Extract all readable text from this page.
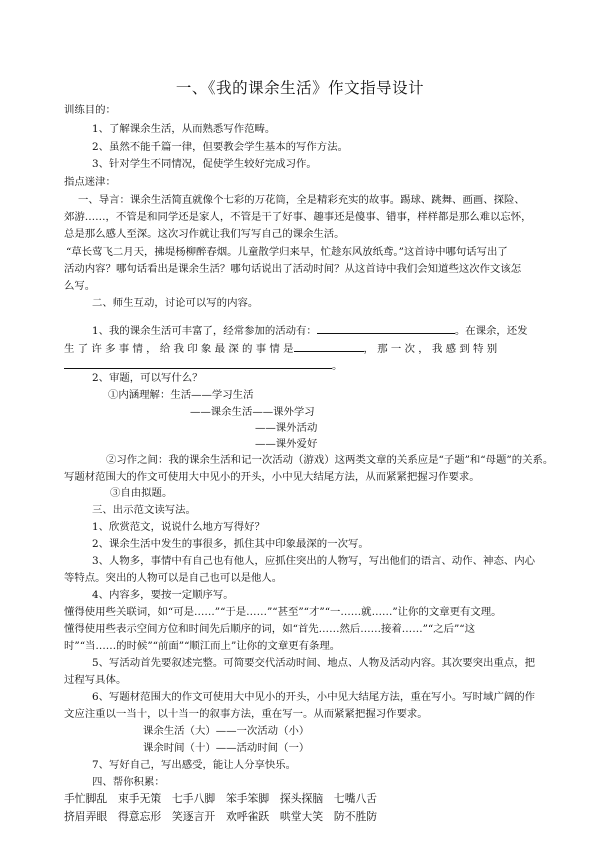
一、《我的课余生活》作文指导设计
训练目的：
1、了解课余生活，从而熟悉写作范畴。
2、虽然不能千篇一律，但要教会学生基本的写作方法。
3、针对学生不同情况，促使学生较好完成习作。
指点迷津：
一、导言：课余生活简直就像个七彩的万花筒，全是精彩充实的故事。踢球、跳舞、画画、探险、
郊游……，不管是和同学还是家人，不管是干了好事、趣事还是傻事、错事，样样都是那么难以忘怀，
总是那么感人至深。这次习作就让我们写写自己的课余生活。
“草长莺飞二月天，拂堤杨柳醉春烟。儿童散学归来早，忙趁东风放纸鸢。”这首诗中哪句话写出了
活动内容？哪句话看出是课余生活？哪句话说出了活动时间？从这首诗中我们会知道些这次作文该怎
么写。
二、师生互动，讨论可以写的内容。
1、我的课余生活可丰富了，经常参加的活动有：	。在课余，还发
生 了 许 多 事 情 ， 给 我 印 象 最 深 的 事 情 是	， 那 一 次 ， 我 感 到 特 别
。
2、审题，可以写什么？
①内涵理解：生活——学习生活
——课余生活——课外学习
——课外活动
——课外爱好
②习作之间：我的课余生活和记一次活动（游戏）这两类文章的关系应是“子题”和“母题”的关系。
写题材范围大的作文可使用大中见小的开头，小中见大结尾方法，从而紧紧把握习作要求。
③自由拟题。
三、出示范文读写法。
1、欣赏范文，说说什么地方写得好？
2、课余生活中发生的事很多，抓住其中印象最深的一次写。
3、人物多，事情中有自己也有他人，应抓住突出的人物写，写出他们的语言、动作、神态、内心
等特点。突出的人物可以是自己也可以是他人。
4、内容多，要按一定顺序写。
懂得使用些关联词，如“可是……”“于是……”“甚至”“才”“一……就……”让你的文章更有文理。
懂得使用些表示空间方位和时间先后顺序的词，如“首先……然后……接着……”“之后”“这
时”“当……的时候”“前面”“顺江而上”让你的文章更有条理。
5、写活动首先要叙述完整。可简要交代活动时间、地点、人物及活动内容。其次要突出重点，把
过程写具体。
6、写题材范围大的作文可使用大中见小的开头，小中见大结尾方法，重在写小。写时域广阔的作
文应注重以一当十，以十当一的叙事方法，重在写一。从而紧紧把握习作要求。
课余生活（大）——一次活动（小）
课余时间（十）——活动时间（一）
7、写好自己，写出感受，能让人分享快乐。
四、帮你积累：
手忙脚乱　束手无策　七手八脚　笨手笨脚　探头探脑　七嘴八舌
挤眉弄眼　得意忘形　笑逐言开　欢呼雀跃　哄堂大笑　防不胜防
